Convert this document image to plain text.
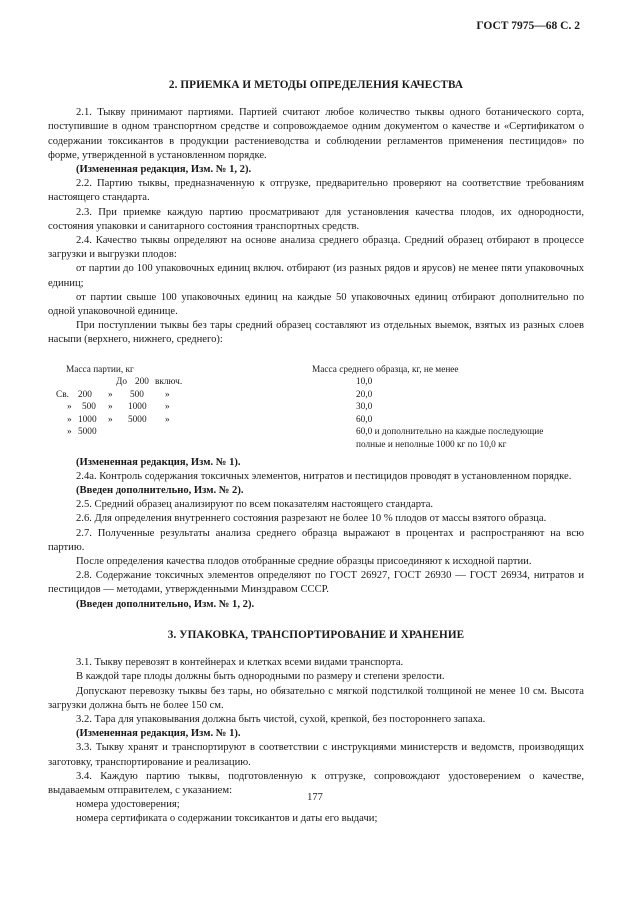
ГОСТ 7975—68 С. 2
2. ПРИЕМКА И МЕТОДЫ ОПРЕДЕЛЕНИЯ КАЧЕСТВА

2.1. Тыкву принимают партиями. Партией считают любое количество тыквы одного ботанического сорта, поступившие в одном транспортном средстве и сопровождаемое одним документом о качестве и «Сертификатом о содержании токсикантов в продукции растениеводства и соблюдении регламентов применения пестицидов» по форме, утвержденной в установленном порядке.

(Измененная редакция, Изм. № 1, 2).

2.2. Партию тыквы, предназначенную к отгрузке, предварительно проверяют на соответствие требованиям настоящего стандарта.

2.3. При приемке каждую партию просматривают для установления качества плодов, их однородности, состояния упаковки и санитарного состояния транспортных средств.

2.4. Качество тыквы определяют на основе анализа среднего образца. Средний образец отбирают в процессе загрузки и выгрузки плодов:

от партии до 100 упаковочных единиц включ. отбирают (из разных рядов и ярусов) не менее пяти упаковочных единиц;

от партии свыше 100 упаковочных единиц на каждые 50 упаковочных единиц отбирают дополнительно по одной упаковочной единице.

При поступлении тыквы без тары средний образец составляют из отдельных выемок, взятых из разных слоев насыпи (верхнего, нижнего, среднего):

Масса партии, кг
Св.
»
»
»
До 200 включ.
200 » 500 »
500 » 1000 »
1000 » 5000 »
5000
Масса среднего образца, кг, не менее
10,0
20,0
30,0
60,0
60,0 и дополнительно на каждые последующие
полные и неполные 1000 кг по 10,0 кг

(Измененная редакция, Изм. № 1).

2.4а. Контроль содержания токсичных элементов, нитратов и пестицидов проводят в установленном порядке.

(Введен дополнительно, Изм. № 2).

2.5. Средний образец анализируют по всем показателям настоящего стандарта.

2.6. Для определения внутреннего состояния разрезают не более 10 % плодов от массы взятого образца.

2.7. Полученные результаты анализа среднего образца выражают в процентах и распространяют на всю партию.

После определения качества плодов отобранные средние образцы присоединяют к исходной партии.

2.8. Содержание токсичных элементов определяют по ГОСТ 26927, ГОСТ 26930 — ГОСТ 26934, нитратов и пестицидов — методами, утвержденными Минздравом СССР.

(Введен дополнительно, Изм. № 1, 2).

3. УПАКОВКА, ТРАНСПОРТИРОВАНИЕ И ХРАНЕНИЕ

3.1. Тыкву перевозят в контейнерах и клетках всеми видами транспорта.

В каждой таре плоды должны быть однородными по размеру и степени зрелости.

Допускают перевозку тыквы без тары, но обязательно с мягкой подстилкой толщиной не менее 10 см. Высота загрузки должна быть не более 150 см.

3.2. Тара для упаковывания должна быть чистой, сухой, крепкой, без постороннего запаха.

(Измененная редакция, Изм. № 1).

3.3. Тыкву хранят и транспортируют в соответствии с инструкциями министерств и ведомств, производящих заготовку, транспортирование и реализацию.

3.4. Каждую партию тыквы, подготовленную к отгрузке, сопровождают удостоверением о качестве, выдаваемым отправителем, с указанием:

номера удостоверения;

номера сертификата о содержании токсикантов и даты его выдачи;

177
